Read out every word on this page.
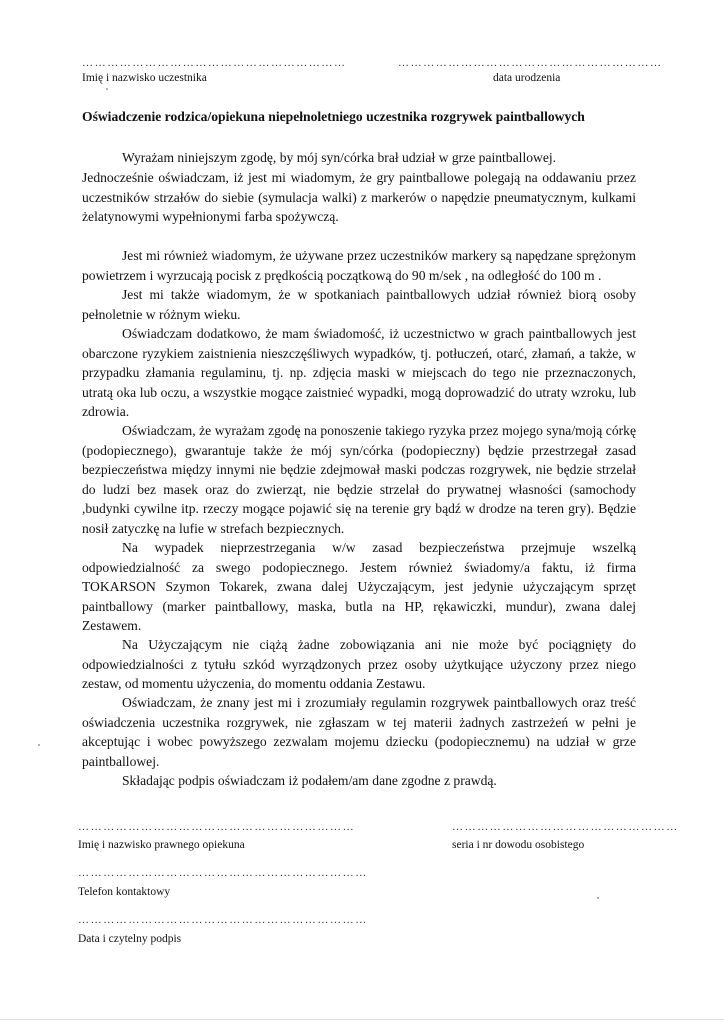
………………………………………………………	………………………………………………………
Imię i nazwisko uczestnika	data urodzenia
Oświadczenie rodzica/opiekuna niepełnoletniego uczestnika rozgrywek paintballowych

Wyrażam niniejszym zgodę, by mój syn/córka brał udział w grze paintballowej.

Jednocześnie oświadczam, iż jest mi wiadomym, że gry paintballowe polegają na oddawaniu przez uczestników strzałów do siebie (symulacja walki) z markerów o napędzie pneumatycznym, kulkami żelatynowymi wypełnionymi farba spożywczą.

Jest mi również wiadomym, że używane przez uczestników markery są napędzane sprężonym powietrzem i wyrzucają pocisk z prędkością początkową do 90 m/sek , na odległość do 100 m .

Jest mi także wiadomym, że w spotkaniach paintballowych udział również biorą osoby pełnoletnie w różnym wieku.

Oświadczam dodatkowo, że mam świadomość, iż uczestnictwo w grach paintballowych jest obarczone ryzykiem zaistnienia nieszczęśliwych wypadków, tj. potłuczeń, otarć, złamań, a także, w przypadku złamania regulaminu, tj. np. zdjęcia maski w miejscach do tego nie przeznaczonych, utratą oka lub oczu, a wszystkie mogące zaistnieć wypadki, mogą doprowadzić do utraty wzroku, lub zdrowia.

Oświadczam, że wyrażam zgodę na ponoszenie takiego ryzyka przez mojego syna/moją córkę (podopiecznego), gwarantuje także że mój syn/córka (podopieczny) będzie przestrzegał zasad bezpieczeństwa między innymi nie będzie zdejmował maski podczas rozgrywek, nie będzie strzelał do ludzi bez masek oraz do zwierząt, nie będzie strzelał do prywatnej własności (samochody ,budynki cywilne itp. rzeczy mogące pojawić się na terenie gry bądź w drodze na teren gry). Będzie nosił zatyczkę na lufie w strefach bezpiecznych.

Na wypadek nieprzestrzegania w/w zasad bezpieczeństwa przejmuje wszelką odpowiedzialność za swego podopiecznego. Jestem również świadomy/a faktu, iż firma TOKARSON Szymon Tokarek, zwana dalej Użyczającym, jest jedynie użyczającym sprzęt paintballowy (marker paintballowy, maska, butla na HP, rękawiczki, mundur), zwana dalej Zestawem.

Na Użyczającym nie ciążą żadne zobowiązania ani nie może być pociągnięty do odpowiedzialności z tytułu szkód wyrządzonych przez osoby użytkujące użyczony przez niego zestaw, od momentu użyczenia, do momentu oddania Zestawu.

Oświadczam, że znany jest mi i zrozumiały regulamin rozgrywek paintballowych oraz treść oświadczenia uczestnika rozgrywek, nie zgłaszam w tej materii żadnych zastrzeżeń w pełni je akceptując i wobec powyższego zezwalam mojemu dziecku (podopiecznemu) na udział w grze paintballowej.

Składając podpis oświadczam iż podałem/am dane zgodne z prawdą.

…………………………………………………………	………………………………………………
Imię i nazwisko prawnego opiekuna	seria i nr dowodu osobistego
……………………………………………………………
Telefon kontaktowy
……………………………………………………………
Data i czytelny podpis
